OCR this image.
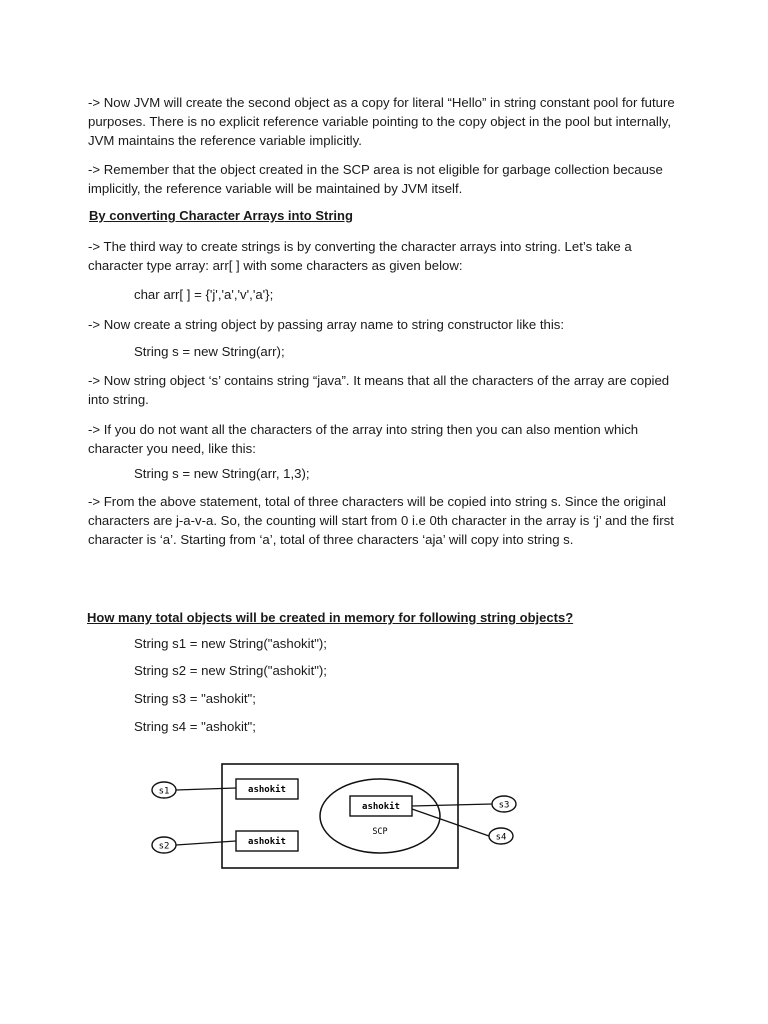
-> Now JVM will create the second object as a copy for literal “Hello” in string constant pool for future purposes. There is no explicit reference variable pointing to the copy object in the pool but internally, JVM maintains the reference variable implicitly.

-> Remember that the object created in the SCP area is not eligible for garbage collection because implicitly, the reference variable will be maintained by JVM itself.

By converting Character Arrays into String

-> The third way to create strings is by converting the character arrays into string. Let’s take a character type array: arr[ ] with some characters as given below:

char arr[ ] = {'j','a','v','a'};

-> Now create a string object by passing array name to string constructor like this:

String s = new String(arr);

-> Now string object ‘s’ contains string “java”. It means that all the characters of the array are copied into string.

-> If you do not want all the characters of the array into string then you can also mention which character you need, like this:

String s = new String(arr, 1,3);

-> From the above statement, total of three characters will be copied into string s. Since the original characters are j-a-v-a. So, the counting will start from 0 i.e 0th character in the array is ‘j’ and the first character is ‘a’. Starting from ‘a’, total of three characters ‘aja’ will copy into string s.

How many total objects will be created in memory for following string objects?

String s1 = new String("ashokit");

String s2 = new String("ashokit");

String s3 = "ashokit";

String s4 = "ashokit";

s1
s2
ashokit
ashokit
ashokit
SCP
s3
s4
